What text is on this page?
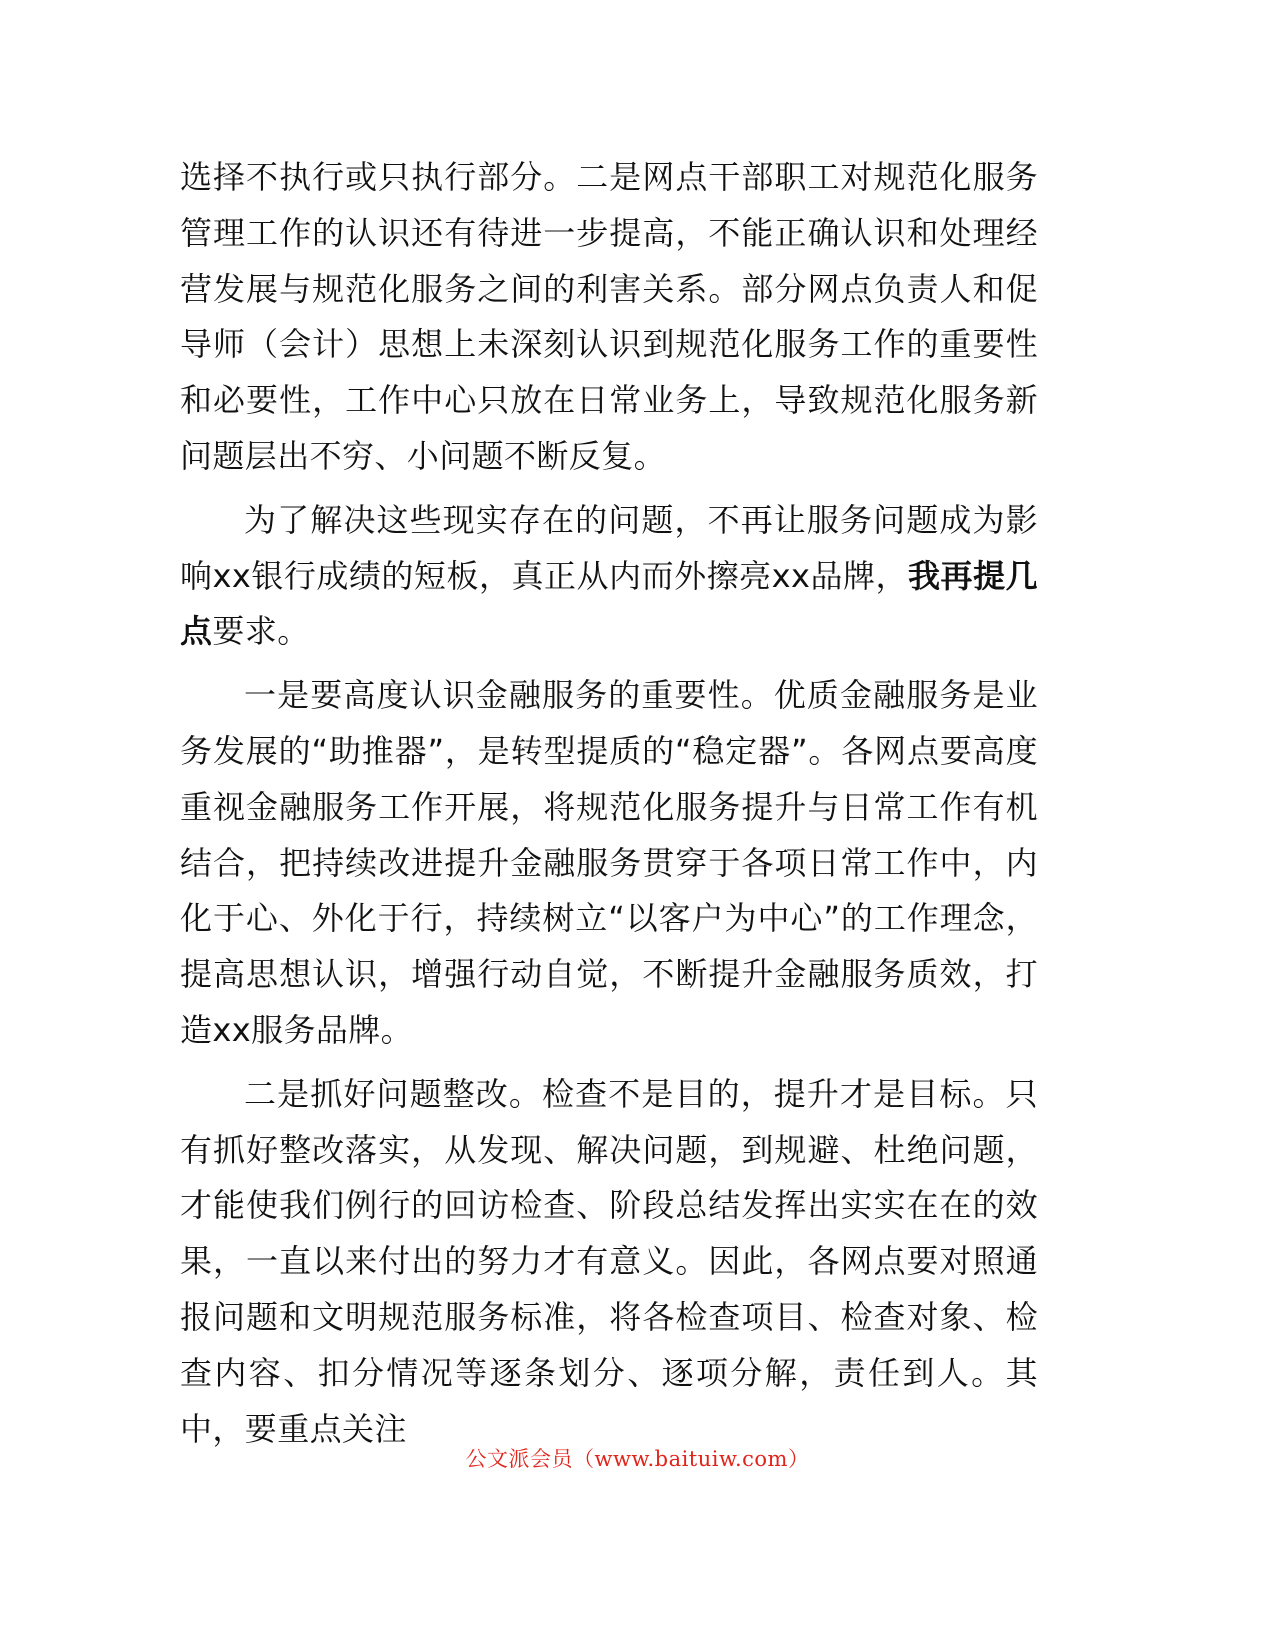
选择不执行或只执行部分。二是网点干部职工对规范化服务管理工作的认识还有待进一步提高，不能正确认识和处理经营发展与规范化服务之间的利害关系。部分网点负责人和促导师（会计）思想上未深刻认识到规范化服务工作的重要性和必要性，工作中心只放在日常业务上，导致规范化服务新问题层出不穷、小问题不断反复。

为了解决这些现实存在的问题，不再让服务问题成为影响xx银行成绩的短板，真正从内而外擦亮xx品牌，我再提几点要求。

一是要高度认识金融服务的重要性。优质金融服务是业务发展的“助推器”，是转型提质的“稳定器”。各网点要高度重视金融服务工作开展，将规范化服务提升与日常工作有机结合，把持续改进提升金融服务贯穿于各项日常工作中，内化于心、外化于行，持续树立“以客户为中心”的工作理念，提高思想认识，增强行动自觉，不断提升金融服务质效，打造xx服务品牌。

二是抓好问题整改。检查不是目的，提升才是目标。只有抓好整改落实，从发现、解决问题，到规避、杜绝问题，才能使我们例行的回访检查、阶段总结发挥出实实在在的效果，一直以来付出的努力才有意义。因此，各网点要对照通报问题和文明规范服务标准，将各检查项目、检查对象、检查内容、扣分情况等逐条划分、逐项分解，责任到人。其中，要重点关注

公文派会员（www.baituiw.com）
